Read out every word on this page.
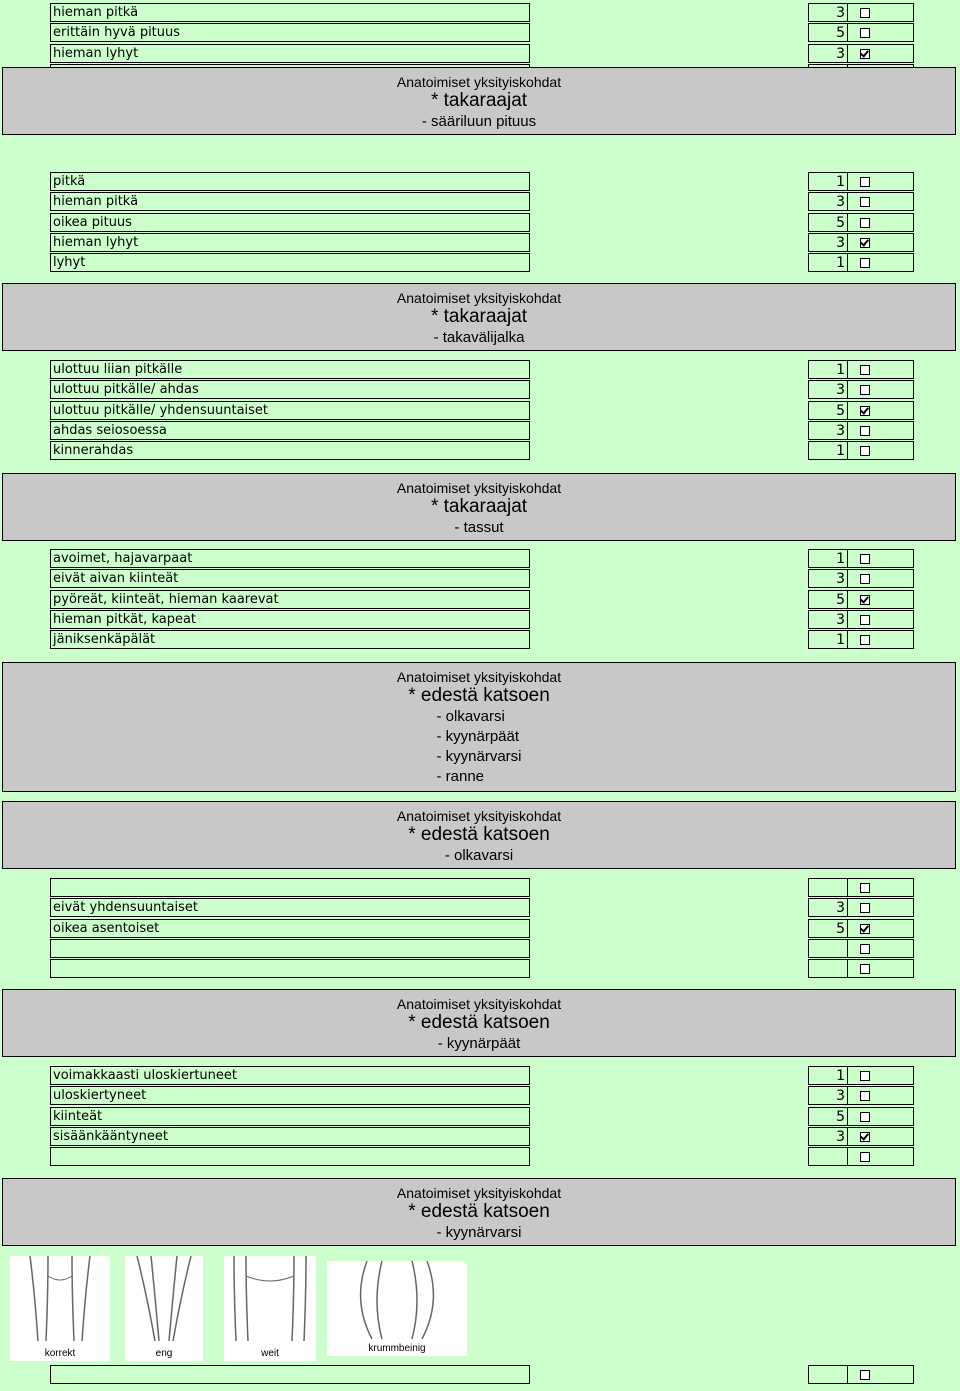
hieman pitkä	3
erittäin hyvä pituus	5
hieman lyhyt	3
Anatoimiset yksityiskohdat
* takaraajat
- sääriluun pituus
pitkä	1
hieman pitkä	3
oikea pituus	5
hieman lyhyt	3
lyhyt	1
Anatoimiset yksityiskohdat
* takaraajat
- takavälijalka
ulottuu liian pitkälle	1
ulottuu pitkälle/ ahdas	3
ulottuu pitkälle/ yhdensuuntaiset	5
ahdas seiosoessa	3
kinnerahdas	1
Anatoimiset yksityiskohdat
* takaraajat
- tassut
avoimet, hajavarpaat	1
eivät aivan kiinteät	3
pyöreät, kiinteät, hieman kaarevat	5
hieman pitkät, kapeat	3
jäniksenkäpälät	1
Anatoimiset yksityiskohdat
* edestä katsoen
- olkavarsi
- kyynärpäät
- kyynärvarsi
- ranne
Anatoimiset yksityiskohdat
* edestä katsoen
- olkavarsi
eivät yhdensuuntaiset	3
oikea asentoiset	5
Anatoimiset yksityiskohdat
* edestä katsoen
- kyynärpäät
voimakkaasti uloskiertuneet	1
uloskiertyneet	3
kiinteät	5
sisäänkääntyneet	3
Anatoimiset yksityiskohdat
* edestä katsoen
- kyynärvarsi
korrekt	eng	weit	krummbeinig
